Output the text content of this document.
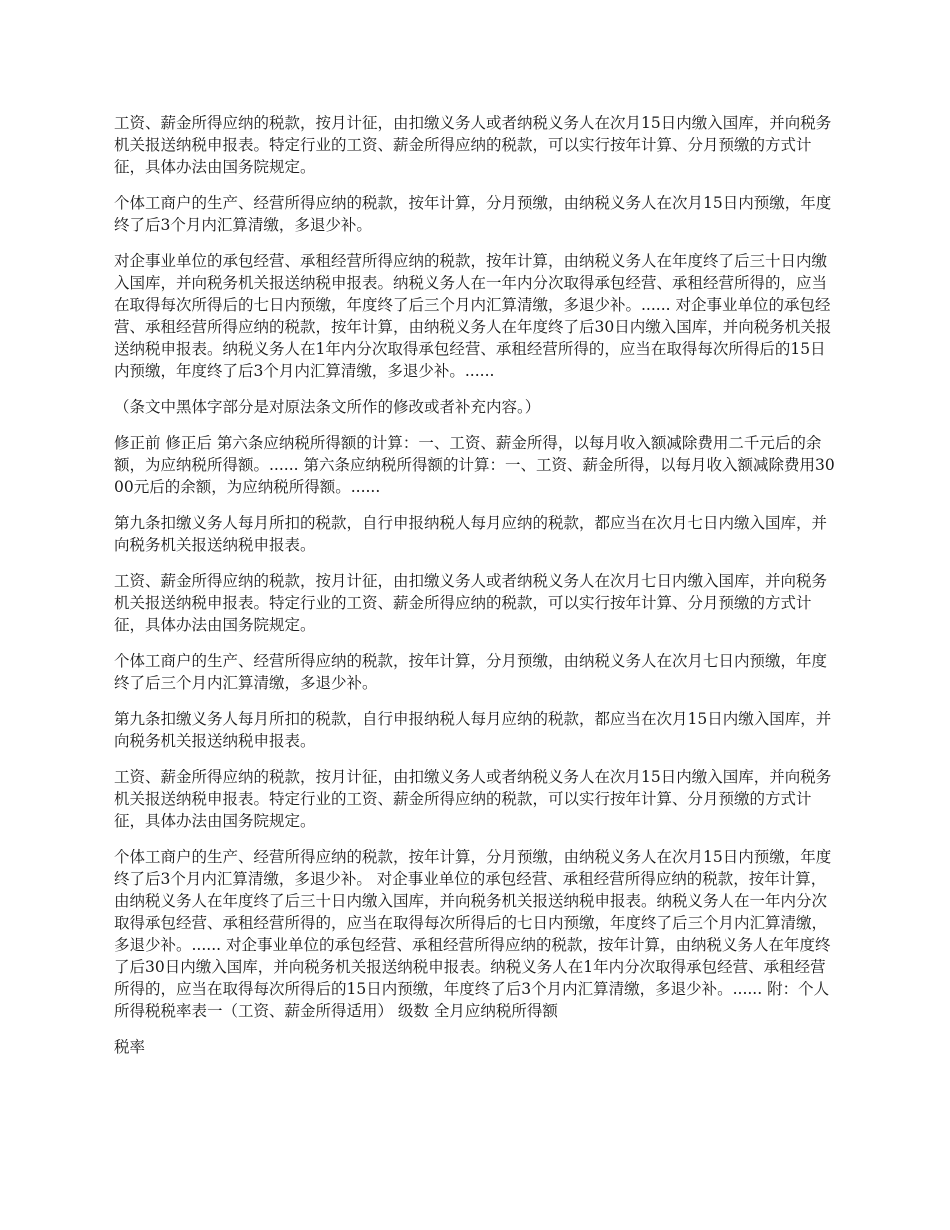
工资、薪金所得应纳的税款，按月计征，由扣缴义务人或者纳税义务人在次月15日内缴入国库，并向税务机关报送纳税申报表。特定行业的工资、薪金所得应纳的税款，可以实行按年计算、分月预缴的方式计征，具体办法由国务院规定。

个体工商户的生产、经营所得应纳的税款，按年计算，分月预缴，由纳税义务人在次月15日内预缴，年度终了后3个月内汇算清缴，多退少补。

对企事业单位的承包经营、承租经营所得应纳的税款，按年计算，由纳税义务人在年度终了后三十日内缴入国库，并向税务机关报送纳税申报表。纳税义务人在一年内分次取得承包经营、承租经营所得的，应当在取得每次所得后的七日内预缴，年度终了后三个月内汇算清缴，多退少补。...... 对企事业单位的承包经营、承租经营所得应纳的税款，按年计算，由纳税义务人在年度终了后30日内缴入国库，并向税务机关报送纳税申报表。纳税义务人在1年内分次取得承包经营、承租经营所得的，应当在取得每次所得后的15日内预缴，年度终了后3个月内汇算清缴，多退少补。......

（条文中黑体字部分是对原法条文所作的修改或者补充内容。）

修正前 修正后 第六条应纳税所得额的计算：一、工资、薪金所得，以每月收入额减除费用二千元后的余额，为应纳税所得额。...... 第六条应纳税所得额的计算：一、工资、薪金所得，以每月收入额减除费用3000元后的余额，为应纳税所得额。......

第九条扣缴义务人每月所扣的税款，自行申报纳税人每月应纳的税款，都应当在次月七日内缴入国库，并向税务机关报送纳税申报表。

工资、薪金所得应纳的税款，按月计征，由扣缴义务人或者纳税义务人在次月七日内缴入国库，并向税务机关报送纳税申报表。特定行业的工资、薪金所得应纳的税款，可以实行按年计算、分月预缴的方式计征，具体办法由国务院规定。

个体工商户的生产、经营所得应纳的税款，按年计算，分月预缴，由纳税义务人在次月七日内预缴，年度终了后三个月内汇算清缴，多退少补。

第九条扣缴义务人每月所扣的税款，自行申报纳税人每月应纳的税款，都应当在次月15日内缴入国库，并向税务机关报送纳税申报表。

工资、薪金所得应纳的税款，按月计征，由扣缴义务人或者纳税义务人在次月15日内缴入国库，并向税务机关报送纳税申报表。特定行业的工资、薪金所得应纳的税款，可以实行按年计算、分月预缴的方式计征，具体办法由国务院规定。

个体工商户的生产、经营所得应纳的税款，按年计算，分月预缴，由纳税义务人在次月15日内预缴，年度终了后3个月内汇算清缴，多退少补。 对企事业单位的承包经营、承租经营所得应纳的税款，按年计算，由纳税义务人在年度终了后三十日内缴入国库，并向税务机关报送纳税申报表。纳税义务人在一年内分次取得承包经营、承租经营所得的，应当在取得每次所得后的七日内预缴，年度终了后三个月内汇算清缴，多退少补。...... 对企事业单位的承包经营、承租经营所得应纳的税款，按年计算，由纳税义务人在年度终了后30日内缴入国库，并向税务机关报送纳税申报表。纳税义务人在1年内分次取得承包经营、承租经营所得的，应当在取得每次所得后的15日内预缴，年度终了后3个月内汇算清缴，多退少补。...... 附：个人所得税税率表一（工资、薪金所得适用） 级数 全月应纳税所得额

税率
